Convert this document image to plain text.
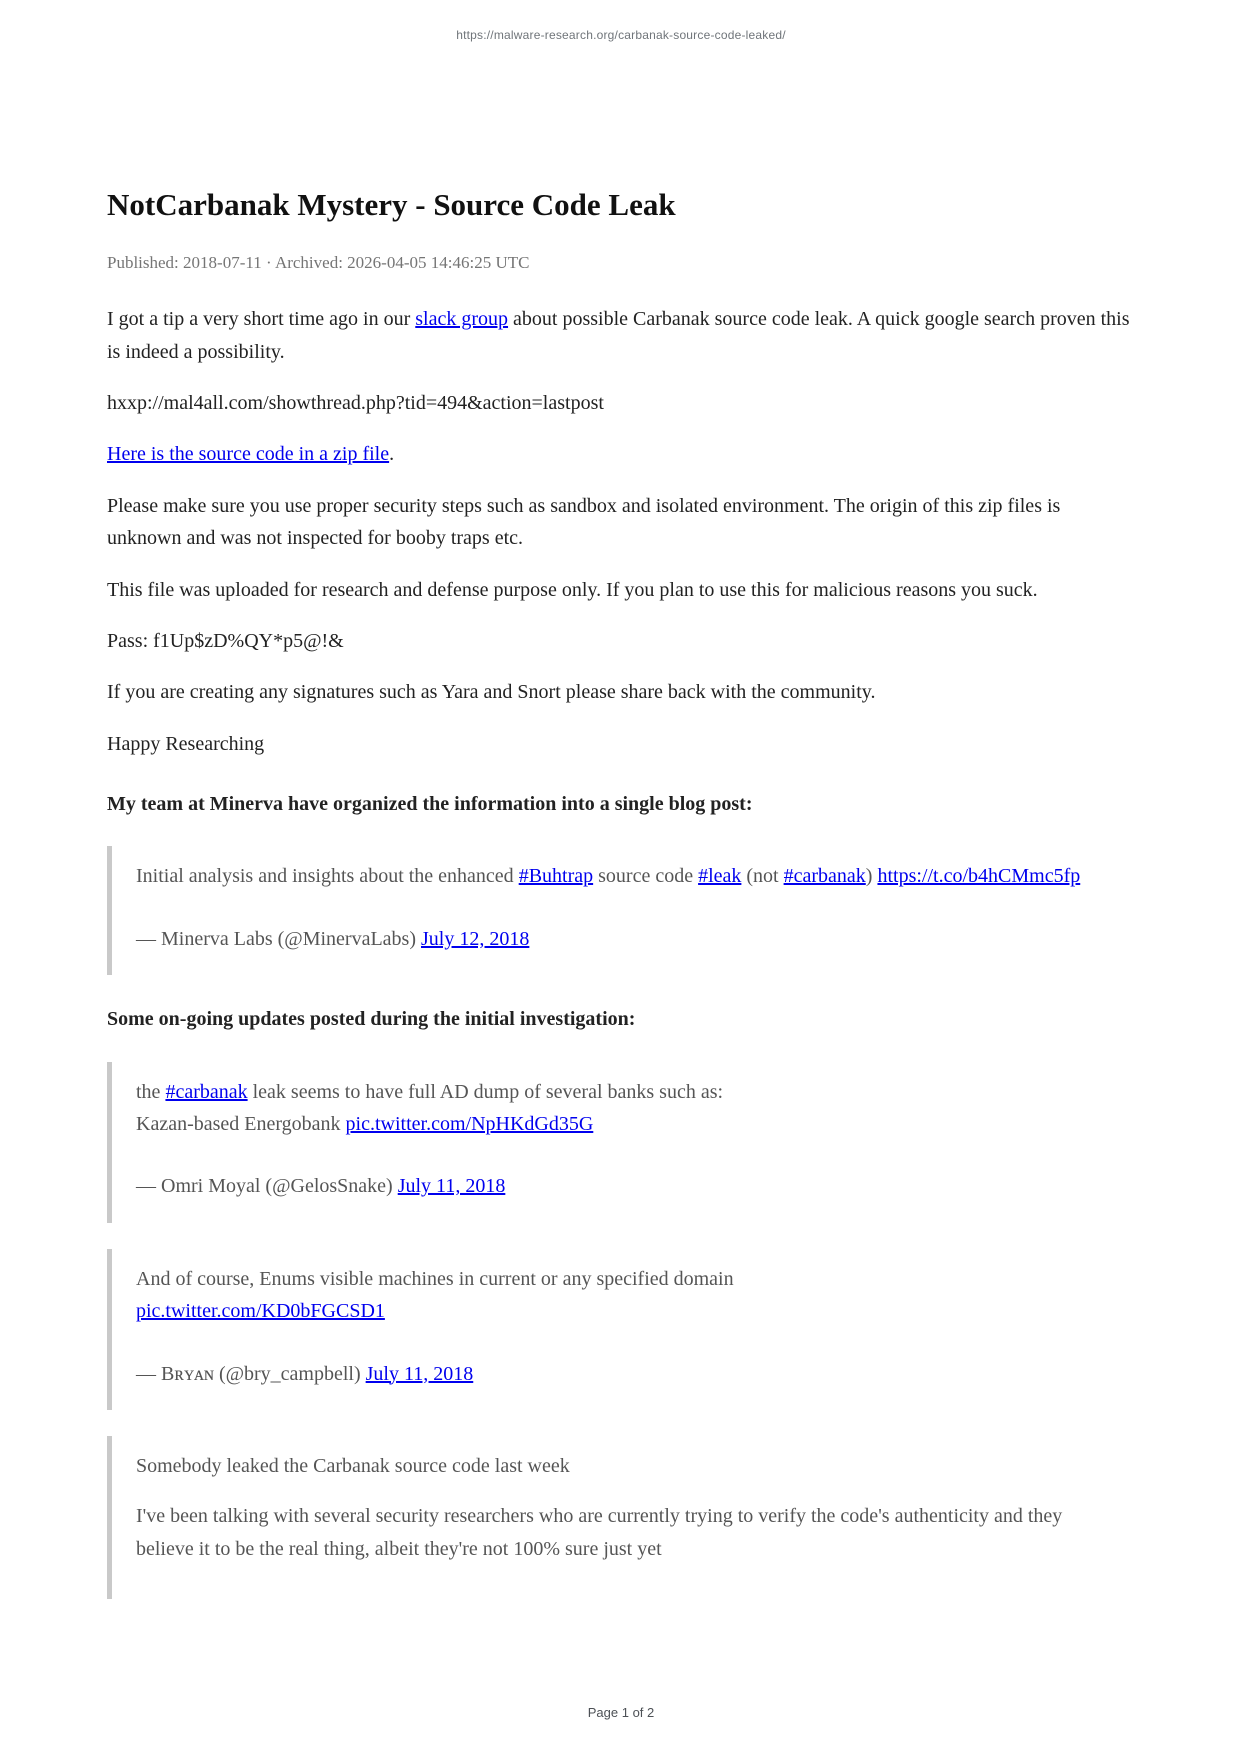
https://malware-research.org/carbanak-source-code-leaked/
NotCarbanak Mystery - Source Code Leak

Published: 2018-07-11 · Archived: 2026-04-05 14:46:25 UTC

I got a tip a very short time ago in our slack group about possible Carbanak source code leak. A quick google search proven this is indeed a possibility.

hxxp://mal4all.com/showthread.php?tid=494&action=lastpost

Here is the source code in a zip file.

Please make sure you use proper security steps such as sandbox and isolated environment. The origin of this zip files is unknown and was not inspected for booby traps etc.

This file was uploaded for research and defense purpose only. If you plan to use this for malicious reasons you suck.

Pass: f1Up$zD%QY*p5@!&

If you are creating any signatures such as Yara and Snort please share back with the community.

Happy Researching

My team at Minerva have organized the information into a single blog post:

Initial analysis and insights about the enhanced #Buhtrap source code #leak (not #carbanak) https://t.co/b4hCMmc5fp

— Minerva Labs (@MinervaLabs) July 12, 2018

Some on-going updates posted during the initial investigation:

the #carbanak leak seems to have full AD dump of several banks such as:
Kazan-based Energobank pic.twitter.com/NpHKdGd35G

— Omri Moyal (@GelosSnake) July 11, 2018

And of course, Enums visible machines in current or any specified domain
pic.twitter.com/KD0bFGCSD1

— Bʀʏᴀɴ (@bry_campbell) July 11, 2018

Somebody leaked the Carbanak source code last week

I've been talking with several security researchers who are currently trying to verify the code's authenticity and they believe it to be the real thing, albeit they're not 100% sure just yet

Page 1 of 2
